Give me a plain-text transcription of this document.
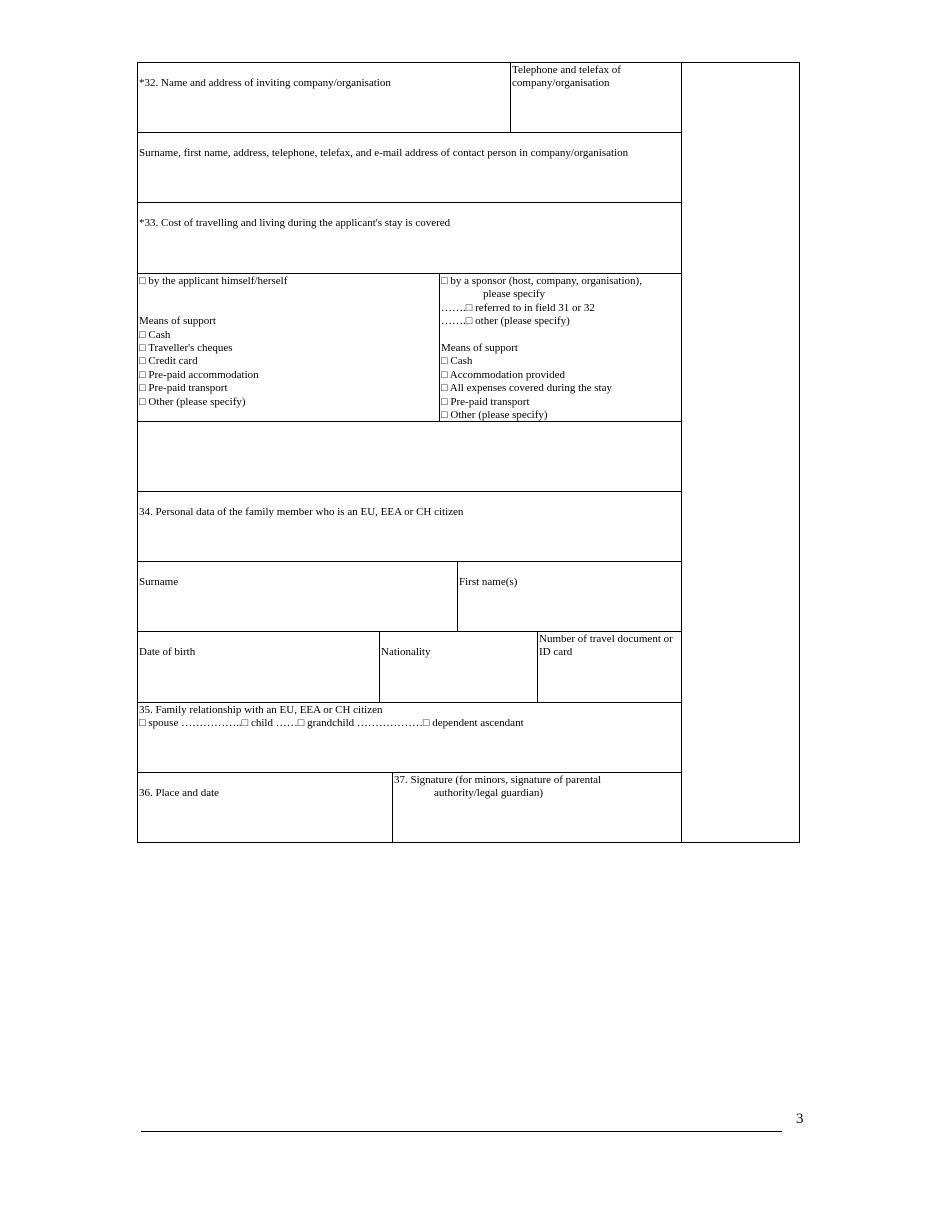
*32. Name and address of inviting company/organisation

Telephone and telefax of company/organisation

Surname, first name, address, telephone, telefax, and e-mail address of contact person in company/organisation

*33. Cost of travelling and living during the applicant's stay is covered

□ by the applicant himself/herself
Means of support
□ Cash
□ Traveller's cheques
□ Credit card
□ Pre-paid accommodation
□ Pre-paid transport
□ Other (please specify)
□ by a sponsor (host, company, organisation),
please specify
…….□ referred to in field 31 or 32
…….□ other (please specify)
Means of support
□ Cash
□ Accommodation provided
□ All expenses covered during the stay
□ Pre-paid transport
□ Other (please specify)

34. Personal data of the family member who is an EU, EEA or CH citizen

Surname	First name(s)

Date of birth	Nationality

Number of travel document or ID card
35. Family relationship with an EU, EEA or CH citizen
□ spouse ……………..□ child ……□ grandchild ………………□ dependent ascendant

36. Place and date

37. Signature (for minors, signature of parental
authority/legal guardian)
3
